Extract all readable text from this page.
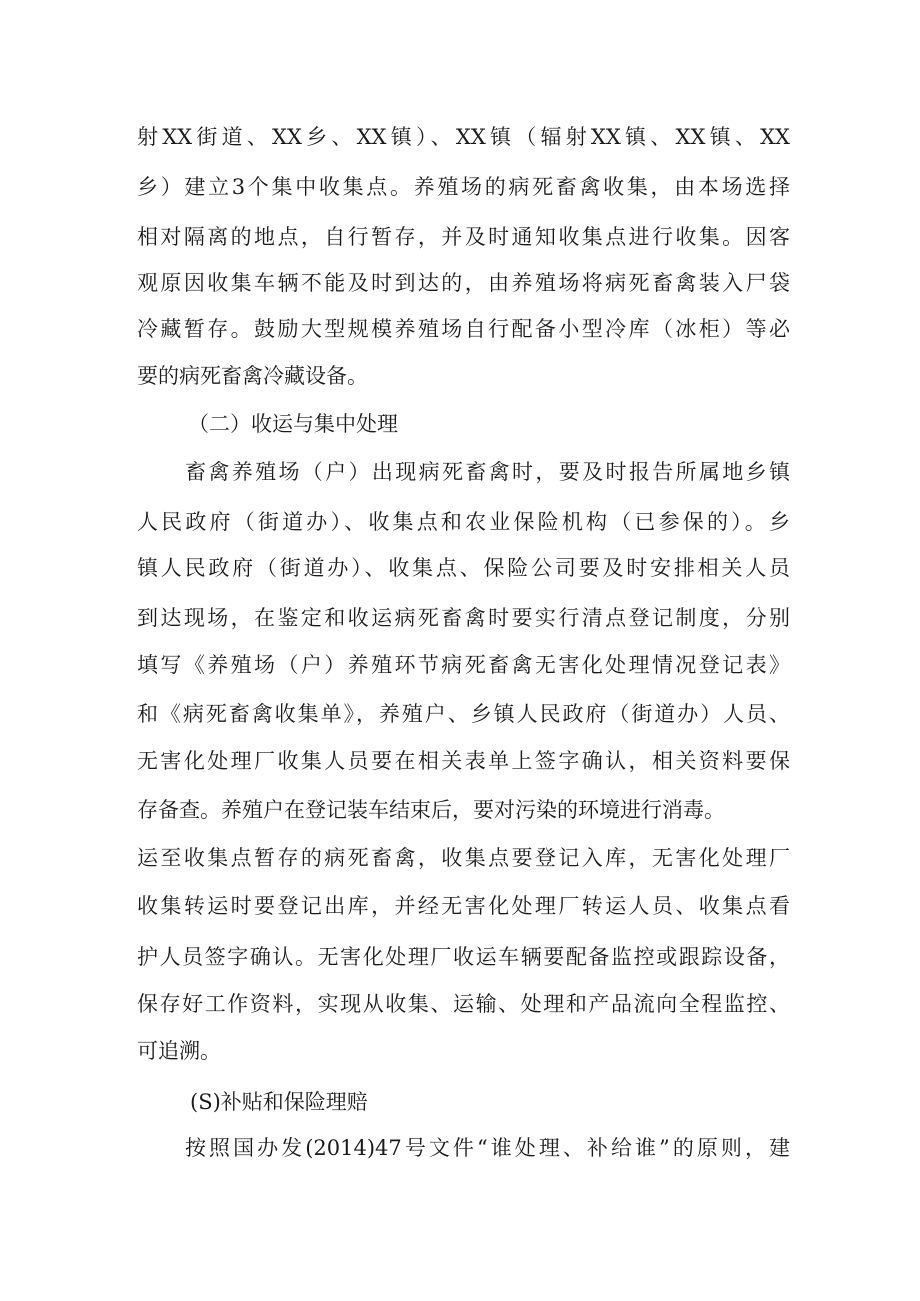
射XX街道、XX乡、XX镇）、XX镇（辐射XX镇、XX镇、XX
乡）建立3个集中收集点。养殖场的病死畜禽收集，由本场选择
相对隔离的地点，自行暂存，并及时通知收集点进行收集。因客
观原因收集车辆不能及时到达的，由养殖场将病死畜禽装入尸袋
冷藏暂存。鼓励大型规模养殖场自行配备小型冷库（冰柜）等必
要的病死畜禽冷藏设备。
（二）收运与集中处理
畜禽养殖场（户）出现病死畜禽时，要及时报告所属地乡镇
人民政府（街道办）、收集点和农业保险机构（已参保的）。乡
镇人民政府（街道办）、收集点、保险公司要及时安排相关人员
到达现场，在鉴定和收运病死畜禽时要实行清点登记制度，分别
填写《养殖场（户）养殖环节病死畜禽无害化处理情况登记表》
和《病死畜禽收集单》，养殖户、乡镇人民政府（街道办）人员、
无害化处理厂收集人员要在相关表单上签字确认，相关资料要保
存备查。养殖户在登记装车结束后，要对污染的环境进行消毒。
运至收集点暂存的病死畜禽，收集点要登记入库，无害化处理厂
收集转运时要登记出库，并经无害化处理厂转运人员、收集点看
护人员签字确认。无害化处理厂收运车辆要配备监控或跟踪设备，
保存好工作资料，实现从收集、运输、处理和产品流向全程监控、
可追溯。
(S)补贴和保险理赔
按照国办发(2014)47号文件“谁处理、补给谁”的原则，建
